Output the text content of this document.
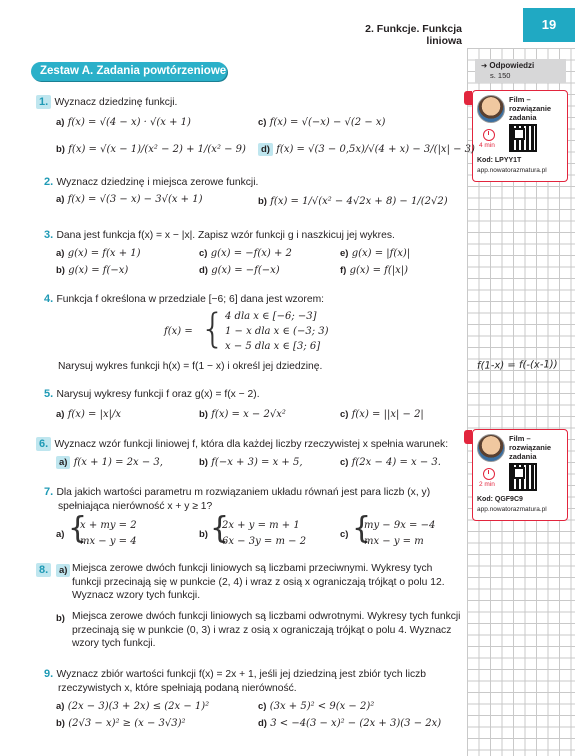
2. Funkcje. Funkcja liniowa
19
Zestaw A. Zadania powtórzeniowe	➜ Odpowiedzi
s. 150
Film –
rozwiązanie
zadania
4 min
Kod: LPYY1T
app.nowatorazmatura.pl
Film –
rozwiązanie
zadania
2 min
Kod: QGF9C9
app.nowatorazmatura.pl
f(1-x) = f(-(x-1))
1. Wyznacz dziedzinę funkcji.
a) f(x) = √(4 − x) · √(x + 1)
b) f(x) = √(x − 1)/(x² − 2) + 1/(x² − 9)
c) f(x) = √(−x) − √(2 − x)
d) f(x) = √(3 − 0,5x)/√(4 + x) − 3/(|x| − 3)
2. Wyznacz dziedzinę i miejsca zerowe funkcji.
a) f(x) = √(3 − x) − 3√(x + 1)	b) f(x) = 1/√(x² − 4√2x + 8) − 1/(2√2)
3. Dana jest funkcja f(x) = x − |x|. Zapisz wzór funkcji g i naszkicuj jej wykres.
a) g(x) = f(x + 1)
b) g(x) = f(−x)
c) g(x) = −f(x) + 2
d) g(x) = −f(−x)
e) g(x) = |f(x)|
f) g(x) = f(|x|)
4. Funkcja f określona w przedziale [−6; 6] dana jest wzorem:
f(x) = { 4 dla x ∈ [−6; −3]
1 − x dla x ∈ (−3; 3)
x − 5 dla x ∈ [3; 6]
Narysuj wykres funkcji h(x) = f(1 − x) i określ jej dziedzinę.
5. Narysuj wykresy funkcji f oraz g(x) = f(x − 2).
a) f(x) = |x|/x	b) f(x) = x − 2√x²	c) f(x) = ||x| − 2|
6. Wyznacz wzór funkcji liniowej f, która dla każdej liczby rzeczywistej x spełnia warunek:
a) f(x + 1) = 2x − 3,	b) f(−x + 3) = x + 5,	c) f(2x − 4) = x − 3.
7. Dla jakich wartości parametru m rozwiązaniem układu równań jest para liczb (x, y)
spełniająca nierówność x + y ≥ 1?
a) {
x + my = 2
mx − y = 4
b) {
2x + y = m + 1
6x − 3y = m − 2
c) {
my − 9x = −4
mx − y = m
8.	a) Miejsca zerowe dwóch funkcji liniowych są liczbami przeciwnymi. Wykresy tych funkcji przecinają się w punkcie (2, 4) i wraz z osią x ograniczają trójkąt o polu 12. Wyznacz wzory tych funkcji.
b) Miejsca zerowe dwóch funkcji liniowych są liczbami odwrotnymi. Wykresy tych funkcji przecinają się w punkcie (0, 3) i wraz z osią x ograniczają trójkąt o polu 4. Wyznacz wzory tych funkcji.
9. Wyznacz zbiór wartości funkcji f(x) = 2x + 1, jeśli jej dziedziną jest zbiór tych liczb
rzeczywistych x, które spełniają podaną nierówność.
a) (2x − 3)(3 + 2x) ≤ (2x − 1)²
b) (2√3 − x)² ≥ (x − 3√3)²
c) (3x + 5)² < 9(x − 2)²
d) 3 < −4(3 − x)² − (2x + 3)(3 − 2x)
